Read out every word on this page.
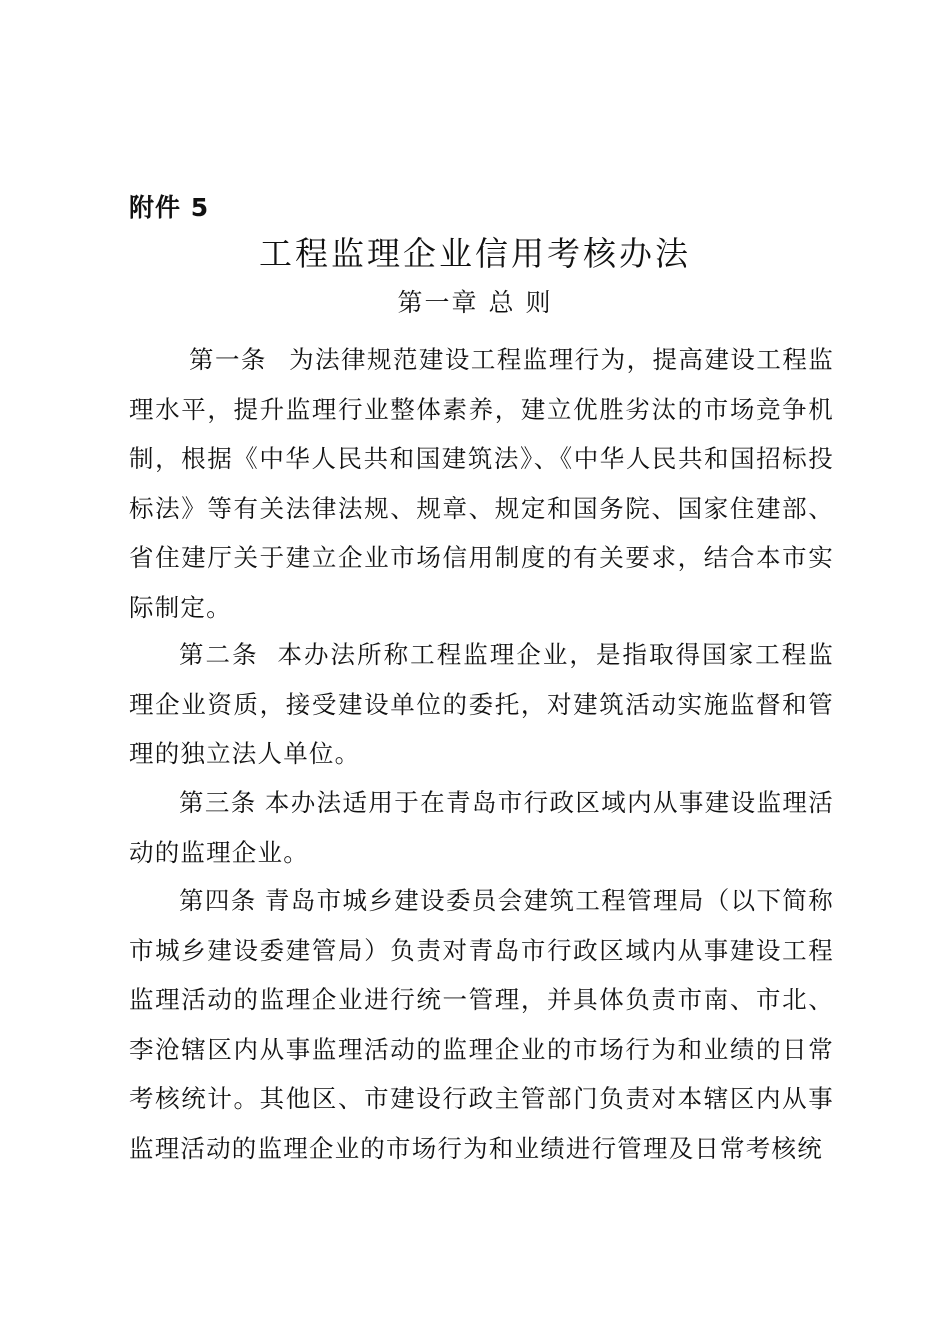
附件 5
工程监理企业信用考核办法
第一章 总 则
第一条 为法律规范建设工程监理行为，提高建设工程监理水平，提升监理行业整体素养，建立优胜劣汰的市场竞争机制，根据《中华人民共和国建筑法》、《中华人民共和国招标投标法》等有关法律法规、规章、规定和国务院、国家住建部、省住建厅关于建立企业市场信用制度的有关要求，结合本市实际制定。
第二条 本办法所称工程监理企业，是指取得国家工程监理企业资质，接受建设单位的委托，对建筑活动实施监督和管理的独立法人单位。
第三条 本办法适用于在青岛市行政区域内从事建设监理活动的监理企业。
第四条 青岛市城乡建设委员会建筑工程管理局（以下简称市城乡建设委建管局）负责对青岛市行政区域内从事建设工程监理活动的监理企业进行统一管理，并具体负责市南、市北、李沧辖区内从事监理活动的监理企业的市场行为和业绩的日常考核统计。其他区、市建设行政主管部门负责对本辖区内从事监理活动的监理企业的市场行为和业绩进行管理及日常考核统
